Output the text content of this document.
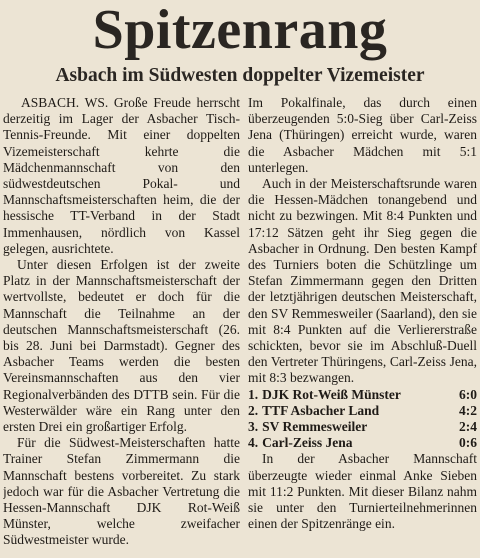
Spitzenrang
Asbach im Südwesten doppelter Vizemeister

ASBACH. WS. Große Freude herrscht derzeitig im Lager der Asbacher Tisch-Tennis-Freunde. Mit einer doppelten Vizemeisterschaft kehrte die Mädchenmannschaft von den südwestdeutschen Pokal- und Mannschaftsmeisterschaften heim, die der hessische TT-Verband in der Stadt Immenhausen, nördlich von Kassel gelegen, ausrichtete.

Unter diesen Erfolgen ist der zweite Platz in der Mannschaftsmeisterschaft der wertvollste, bedeutet er doch für die Mannschaft die Teilnahme an der deutschen Mannschaftsmeisterschaft (26. bis 28. Juni bei Darmstadt). Gegner des Asbacher Teams werden die besten Vereinsmannschaften aus den vier Regionalverbänden des DTTB sein. Für die Westerwälder wäre ein Rang unter den ersten Drei ein großartiger Erfolg.

Für die Südwest-Meisterschaften hatte Trainer Stefan Zimmermann die Mannschaft bestens vorbereitet. Zu stark jedoch war für die Asbacher Vertretung die Hessen-Mannschaft DJK Rot-Weiß Münster, welche zweifacher Südwestmeister wurde.

Im Pokalfinale, das durch einen überzeugenden 5:0-Sieg über Carl-Zeiss Jena (Thüringen) erreicht wurde, waren die Asbacher Mädchen mit 5:1 unterlegen.

Auch in der Meisterschaftsrunde waren die Hessen-Mädchen tonangebend und nicht zu bezwingen. Mit 8:4 Punkten und 17:12 Sätzen geht ihr Sieg gegen die Asbacher in Ordnung. Den besten Kampf des Turniers boten die Schützlinge um Stefan Zimmermann gegen den Dritten der letztjährigen deutschen Meisterschaft, den SV Remmesweiler (Saarland), den sie mit 8:4 Punkten auf die Verliererstraße schickten, bevor sie im Abschluß-Duell den Vertreter Thüringens, Carl-Zeiss Jena, mit 8:3 bezwangen.

1. DJK Rot-Weiß Münster	6:0
2. TTF Asbacher Land	4:2
3. SV Remmesweiler	2:4
4. Carl-Zeiss Jena	0:6

In der Asbacher Mannschaft überzeugte wieder einmal Anke Sieben mit 11:2 Punkten. Mit dieser Bilanz nahm sie unter den Turnierteilnehmerinnen einen der Spitzenränge ein.
